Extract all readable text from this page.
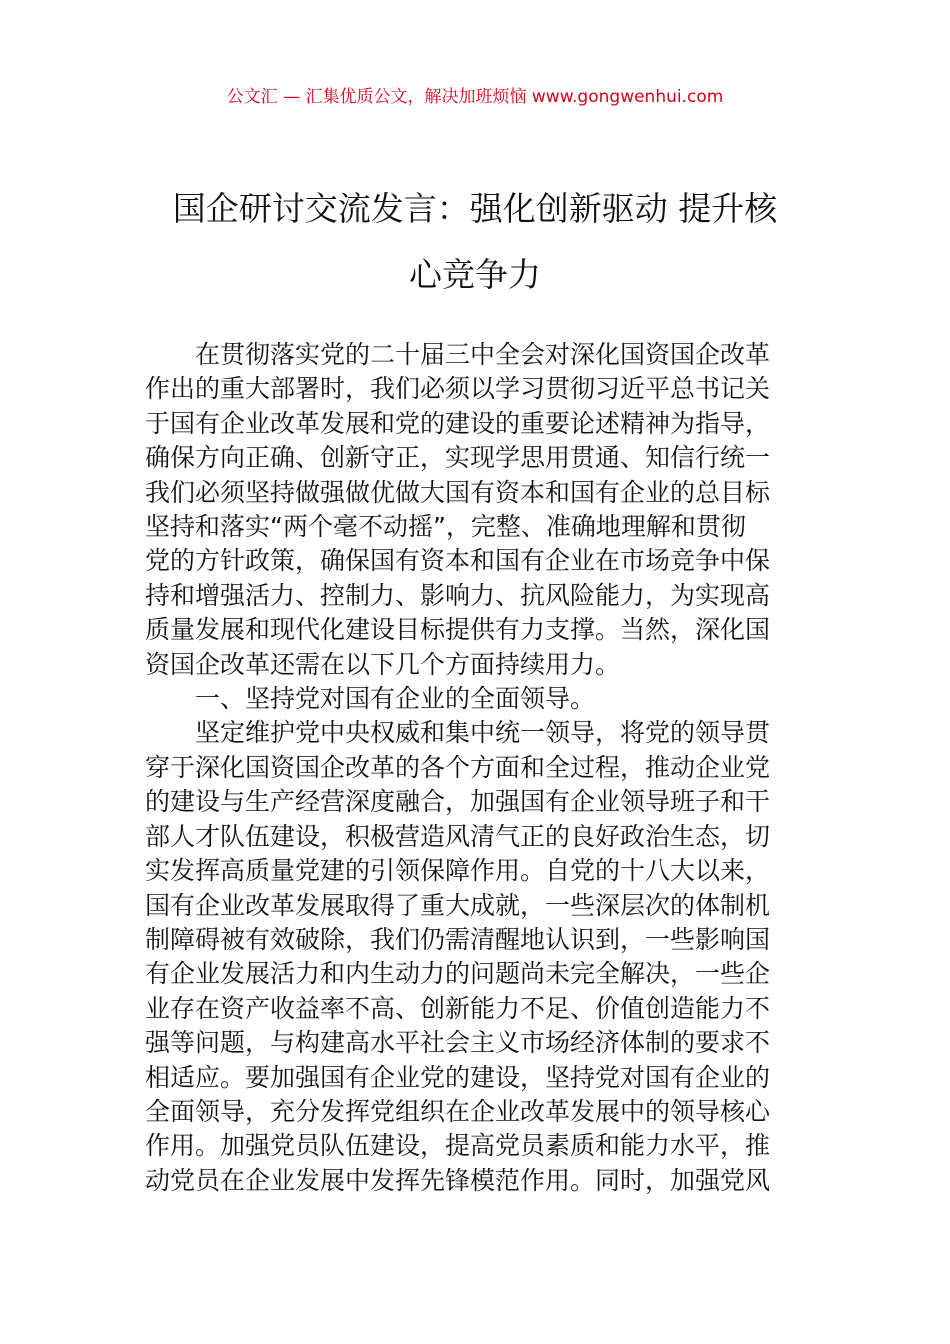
公文汇 — 汇集优质公文，解决加班烦恼 www.gongwenhui.com
国企研讨交流发言：强化创新驱动 提升核
心竞争力

在贯彻落实党的二十届三中全会对深化国资国企改革

作出的重大部署时，我们必须以学习贯彻习近平总书记关

于国有企业改革发展和党的建设的重要论述精神为指导，

确保方向正确、创新守正，实现学思用贯通、知信行统一

我们必须坚持做强做优做大国有资本和国有企业的总目标

坚持和落实“两个毫不动摇”，完整、准确地理解和贯彻

党的方针政策，确保国有资本和国有企业在市场竞争中保

持和增强活力、控制力、影响力、抗风险能力，为实现高

质量发展和现代化建设目标提供有力支撑。当然，深化国

资国企改革还需在以下几个方面持续用力。

一、坚持党对国有企业的全面领导。

坚定维护党中央权威和集中统一领导，将党的领导贯

穿于深化国资国企改革的各个方面和全过程，推动企业党

的建设与生产经营深度融合，加强国有企业领导班子和干

部人才队伍建设，积极营造风清气正的良好政治生态，切

实发挥高质量党建的引领保障作用。自党的十八大以来，

国有企业改革发展取得了重大成就，一些深层次的体制机

制障碍被有效破除，我们仍需清醒地认识到，一些影响国

有企业发展活力和内生动力的问题尚未完全解决，一些企

业存在资产收益率不高、创新能力不足、价值创造能力不

强等问题，与构建高水平社会主义市场经济体制的要求不

相适应。要加强国有企业党的建设，坚持党对国有企业的

全面领导，充分发挥党组织在企业改革发展中的领导核心

作用。加强党员队伍建设，提高党员素质和能力水平，推

动党员在企业发展中发挥先锋模范作用。同时，加强党风
